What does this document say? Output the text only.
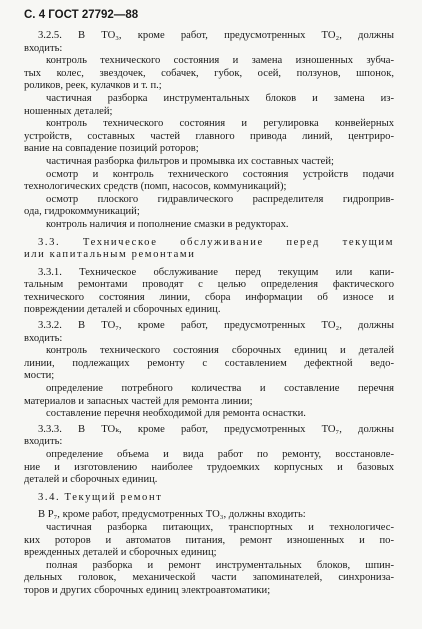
С. 4 ГОСТ 27792—88
3.2.5. В ТО₃, кроме работ, предусмотренных ТО₂, должны
входить:
контроль технического состояния и замена изношенных зубча-
тых колес, звездочек, собачек, губок, осей, ползунов, шпонок,
роликов, реек, кулачков и т. п.;
частичная разборка инструментальных блоков и замена из-
ношенных деталей;
контроль технического состояния и регулировка конвейерных
устройств, составных частей главного привода линий, центриро-
вание на совпадение позиций роторов;
частичная разборка фильтров и промывка их составных частей;
осмотр и контроль технического состояния устройств подачи
технологических средств (помп, насосов, коммуникаций);
осмотр плоского гидравлического распределителя гидроприв-
ода, гидрокоммуникаций;
контроль наличия и пополнение смазки в редукторах.
3.3. Техническое обслуживание перед текущим
или капитальным ремонтами
3.3.1. Техническое обслуживание перед текущим или капи-
тальным ремонтами проводят с целью определения фактического
технического состояния линии, сбора информации об износе и
повреждении деталей и сборочных единиц.
3.3.2. В ТО₇, кроме работ, предусмотренных ТО₂, должны
входить:
контроль технического состояния сборочных единиц и деталей
линии, подлежащих ремонту с составлением дефектной ведо-
мости;
определение потребного количества и составление перечня
материалов и запасных частей для ремонта линии;
составление перечня необходимой для ремонта оснастки.
3.3.3. В ТОₖ, кроме работ, предусмотренных ТО₇, должны
входить:
определение объема и вида работ по ремонту, восстановле-
ние и изготовлению наиболее трудоемких корпусных и базовых
деталей и сборочных единиц.
3.4. Текущий ремонт
В Р₇, кроме работ, предусмотренных ТО₃, должны входить:
частичная разборка питающих, транспортных и технологичес-
ких роторов и автоматов питания, ремонт изношенных и по-
врежденных деталей и сборочных единиц;
полная разборка и ремонт инструментальных блоков, шпин-
дельных головок, механической части запоминателей, синхронизa-
торов и других сборочных единиц электроавтоматики;
